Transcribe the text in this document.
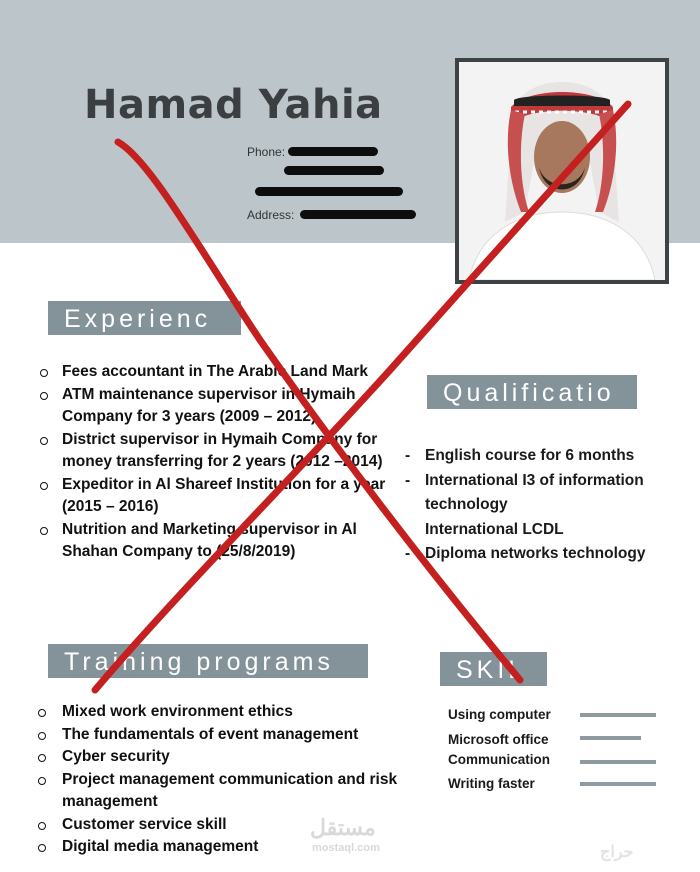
Hamad Yahia
Phone:
Address:
Experienc
Fees accountant in The Arabic Land Mark
ATM maintenance supervisor in Hymaih Company for 3 years (2009 – 2012)
District supervisor in Hymaih Company for money transferring for 2 years (2012 –2014)
Expeditor in Al Shareef Institution for a year (2015 – 2016)
Nutrition and Marketing supervisor in Al Shahan Company to (25/8/2019)
Qualificatio
- English course for 6 months
- International I3 of information technology
International LCDL
- Diploma networks technology
Training programs
Mixed work environment ethics
The fundamentals of event management
Cyber security
Project management communication and risk management
Customer service skill
Digital media management
SKIL
Using computer
Microsoft office
Communication
Writing faster
مستقل
mostaql.com	حراج
